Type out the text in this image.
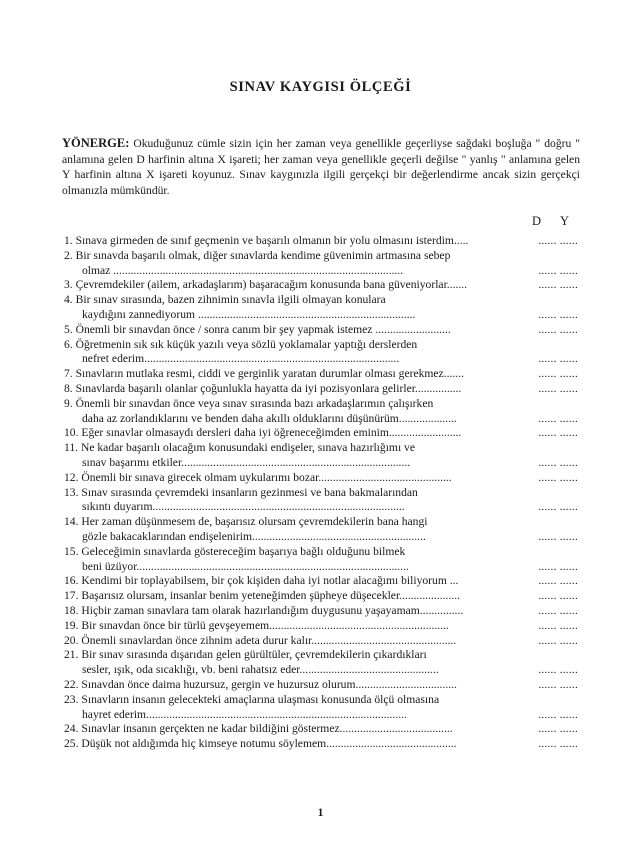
SINAV KAYGISI ÖLÇEĞİ
YÖNERGE: Okuduğunuz cümle sizin için her zaman veya genellikle geçerliyse sağdaki boşluğa " doğru " anlamına gelen D harfinin altına X işareti; her zaman veya genellikle geçerli değilse " yanlış " anlamına gelen Y harfinin altına X işareti koyunuz. Sınav kaygınızla ilgili gerçekçi bir değerlendirme ancak sizin gerçekçi olmanızla mümkündür.
D Y
1. Sınava girmeden de sınıf geçmenin ve başarılı olmanın bir yolu olmasını isterdim.....	...... ......
2. Bir sınavda başarılı olmak, diğer sınavlarda kendime güvenimin artmasına sebep
olmaz ....................................................................................................	...... ......
3. Çevremdekiler (ailem, arkadaşlarım) başaracağım konusunda bana güveniyorlar.......	...... ......
4. Bir sınav sırasında, bazen zihnimin sınavla ilgili olmayan konulara
kaydığını zannediyorum ...........................................................................	...... ......
5. Önemli bir sınavdan önce / sonra canım bir şey yapmak istemez ..........................	...... ......
6. Öğretmenin sık sık küçük yazılı veya sözlü yoklamalar yaptığı derslerden
nefret ederim........................................................................................	...... ......
7. Sınavların mutlaka resmi, ciddi ve gerginlik yaratan durumlar olması gerekmez.......	...... ......
8. Sınavlarda başarılı olanlar çoğunlukla hayatta da iyi pozisyonlara gelirler................	...... ......
9. Önemli bir sınavdan önce veya sınav sırasında bazı arkadaşlarımın çalışırken
daha az zorlandıklarını ve benden daha akıllı olduklarını düşünürüm....................	...... ......
10. Eğer sınavlar olmasaydı dersleri daha iyi öğreneceğimden eminim.........................	...... ......
11. Ne kadar başarılı olacağım konusundaki endişeler, sınava hazırlığımı ve
sınav başarımı etkiler...............................................................................	...... ......
12. Önemli bir sınava girecek olmam uykularımı bozar..............................................	...... ......
13. Sınav sırasında çevremdeki insanların gezinmesi ve bana bakmalarından
sıkıntı duyarım.......................................................................................	...... ......
14. Her zaman düşünmesem de, başarısız olursam çevremdekilerin bana hangi
gözle bakacaklarından endişelenirim............................................................	...... ......
15. Geleceğimin sınavlarda göstereceğim başarıya bağlı olduğunu bilmek
beni üzüyor..............................................................................................	...... ......
16. Kendimi bir toplayabilsem, bir çok kişiden daha iyi notlar alacağımı biliyorum ...	...... ......
17. Başarısız olursam, insanlar benim yeteneğimden şüpheye düşecekler.....................	...... ......
18. Hiçbir zaman sınavlara tam olarak hazırlandığım duygusunu yaşayamam...............	...... ......
19. Bir sınavdan önce bir türlü gevşeyemem..............................................................	...... ......
20. Önemli sınavlardan önce zihnim adeta durur kalır..................................................	...... ......
21. Bir sınav sırasında dışarıdan gelen gürültüler, çevremdekilerin çıkardıkları
sesler, ışık, oda sıcaklığı, vb. beni rahatsız eder................................................	...... ......
22. Sınavdan önce daima huzursuz, gergin ve huzursuz olurum...................................	...... ......
23. Sınavların insanın gelecekteki amaçlarına ulaşması konusunda ölçü olmasına
hayret ederim..........................................................................................	...... ......
24. Sınavlar insanın gerçekten ne kadar bildiğini göstermez.......................................	...... ......
25. Düşük not aldığımda hiç kimseye notumu söylemem.............................................	...... ......
1
